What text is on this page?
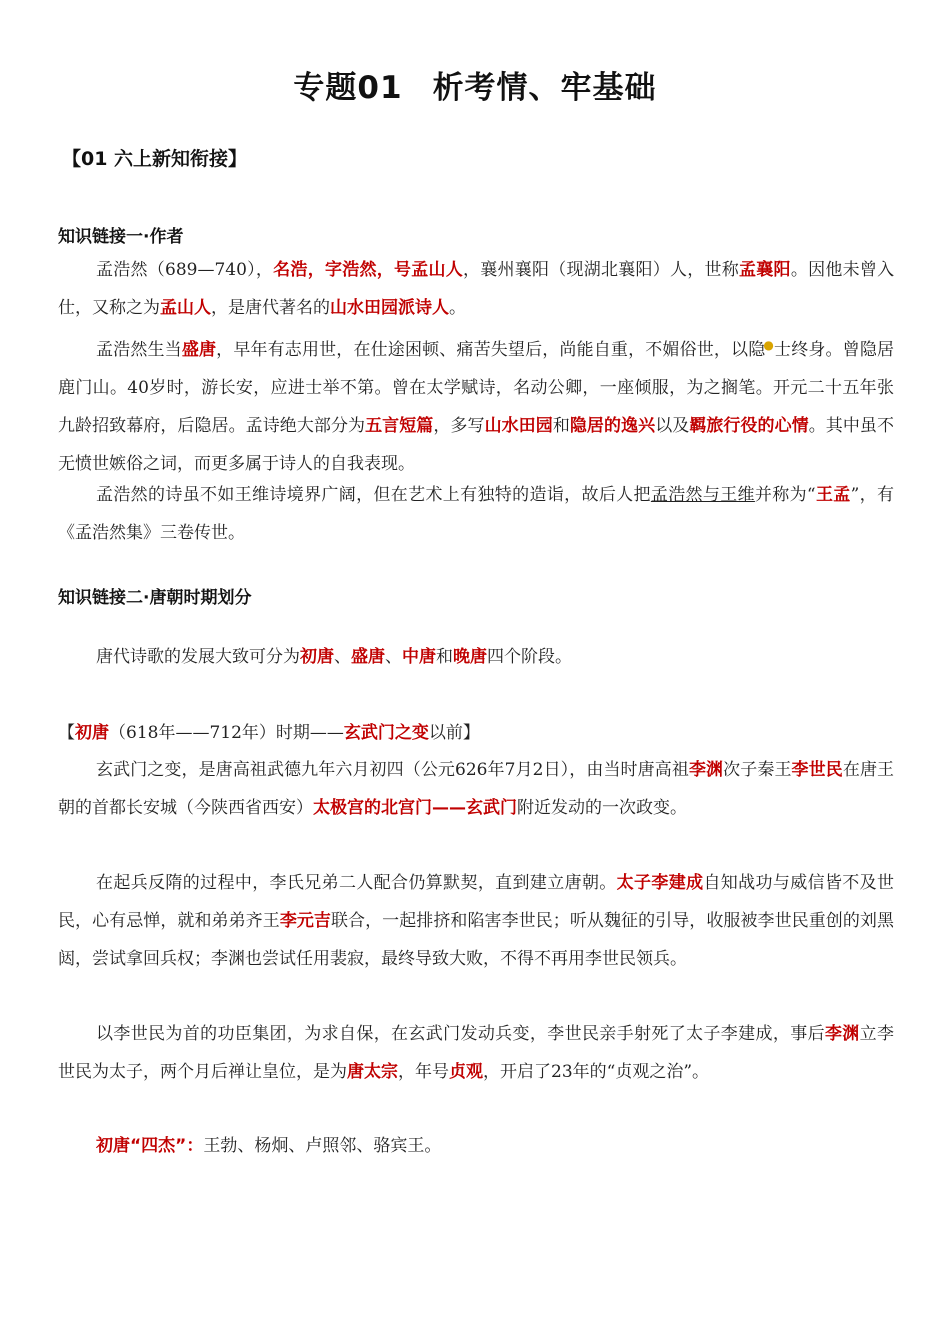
专题01 析考情、牢基础
【01 六上新知衔接】
知识链接一·作者

孟浩然（689—740），名浩，字浩然，号孟山人，襄州襄阳（现湖北襄阳）人，世称孟襄阳。因他未曾入仕，又称之为孟山人，是唐代著名的山水田园派诗人。

孟浩然生当盛唐，早年有志用世，在仕途困顿、痛苦失望后，尚能自重，不媚俗世，以隐●士终身。曾隐居鹿门山。40岁时，游长安，应进士举不第。曾在太学赋诗，名动公卿，一座倾服，为之搁笔。开元二十五年张九龄招致幕府，后隐居。孟诗绝大部分为五言短篇，多写山水田园和隐居的逸兴以及羁旅行役的心情。其中虽不无愤世嫉俗之词，而更多属于诗人的自我表现。

孟浩然的诗虽不如王维诗境界广阔，但在艺术上有独特的造诣，故后人把孟浩然与王维并称为“王孟”，有《孟浩然集》三卷传世。

知识链接二·唐朝时期划分

唐代诗歌的发展大致可分为初唐、盛唐、中唐和晚唐四个阶段。

【初唐（618年——712年）时期——玄武门之变以前】

玄武门之变，是唐高祖武德九年六月初四（公元626年7月2日），由当时唐高祖李渊次子秦王李世民在唐王朝的首都长安城（今陕西省西安）太极宫的北宫门——玄武门附近发动的一次政变。

在起兵反隋的过程中，李氏兄弟二人配合仍算默契，直到建立唐朝。太子李建成自知战功与威信皆不及世民，心有忌惮，就和弟弟齐王李元吉联合，一起排挤和陷害李世民；听从魏征的引导，收服被李世民重创的刘黑闼，尝试拿回兵权；李渊也尝试任用裴寂，最终导致大败，不得不再用李世民领兵。

以李世民为首的功臣集团，为求自保，在玄武门发动兵变，李世民亲手射死了太子李建成，事后李渊立李世民为太子，两个月后禅让皇位，是为唐太宗，年号贞观，开启了23年的“贞观之治”。

初唐“四杰”：王勃、杨炯、卢照邻、骆宾王。
